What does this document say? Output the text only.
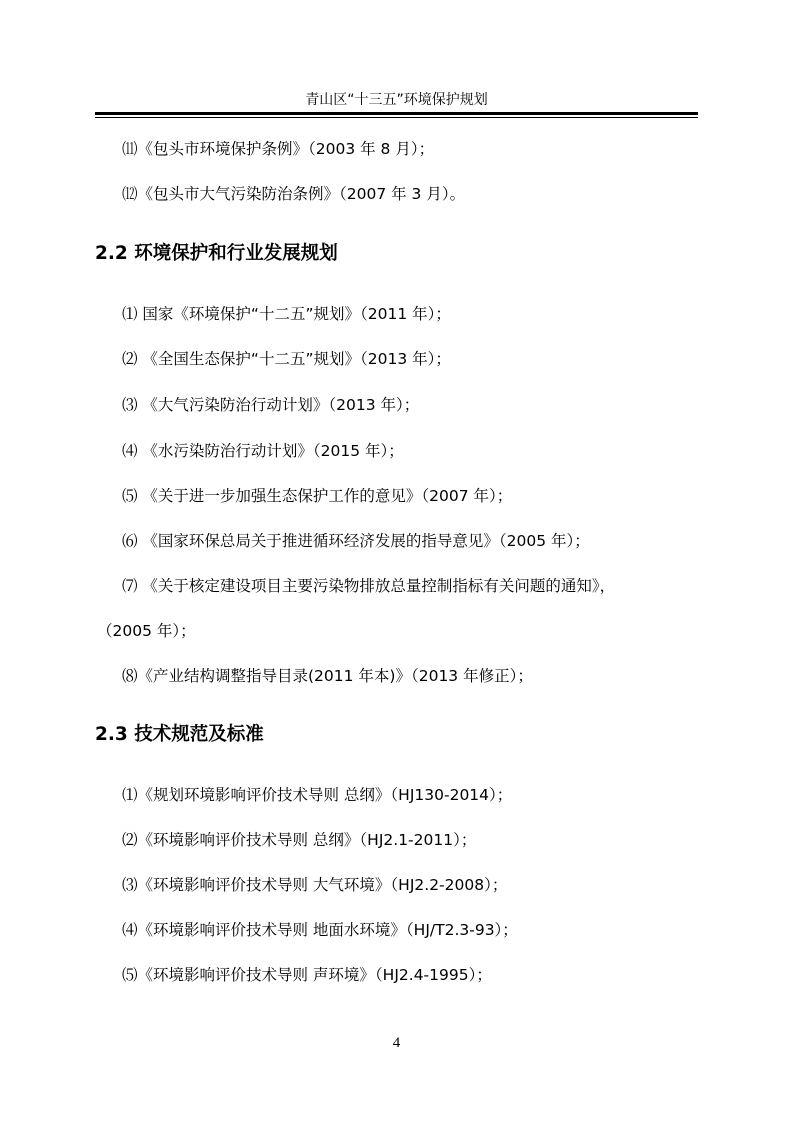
青山区“十三五”环境保护规划
⑾《包头市环境保护条例》（2003 年 8 月）；
⑿《包头市大气污染防治条例》（2007 年 3 月）。
2.2 环境保护和行业发展规划
⑴ 国家《环境保护“十二五”规划》（2011 年）；
⑵ 《全国生态保护“十二五”规划》（2013 年）；
⑶ 《大气污染防治行动计划》（2013 年）；
⑷ 《水污染防治行动计划》（2015 年）；
⑸ 《关于进一步加强生态保护工作的意见》（2007 年）；
⑹ 《国家环保总局关于推进循环经济发展的指导意见》（2005 年）；
⑺ 《关于核定建设项目主要污染物排放总量控制指标有关问题的通知》，
（2005 年）；
⑻《产业结构调整指导目录(2011 年本)》（2013 年修正）；
2.3 技术规范及标准
⑴《规划环境影响评价技术导则 总纲》（HJ130-2014）；
⑵《环境影响评价技术导则 总纲》（HJ2.1-2011）；
⑶《环境影响评价技术导则 大气环境》（HJ2.2-2008）；
⑷《环境影响评价技术导则 地面水环境》（HJ/T2.3-93）；
⑸《环境影响评价技术导则 声环境》（HJ2.4-1995）；
4
